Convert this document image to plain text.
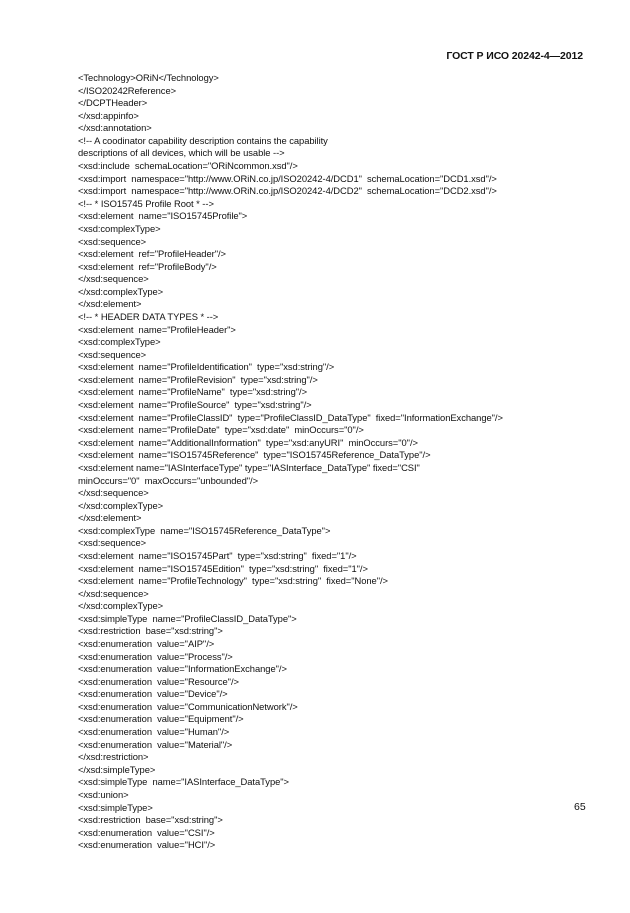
ГОСТ Р ИСО 20242-4—2012
<Technology>ORiN</Technology>
</ISO20242Reference>
</DCPTHeader>
</xsd:appinfo>
</xsd:annotation>
<!-- A coodinator capability description contains the capability
descriptions of all devices, which will be usable -->
<xsd:include  schemaLocation="ORiNcommon.xsd"/>
<xsd:import  namespace="http://www.ORiN.co.jp/ISO20242-4/DCD1"  schemaLocation="DCD1.xsd"/>
<xsd:import  namespace="http://www.ORiN.co.jp/ISO20242-4/DCD2"  schemaLocation="DCD2.xsd"/>
<!-- * ISO15745 Profile Root * -->
<xsd:element  name="ISO15745Profile">
<xsd:complexType>
<xsd:sequence>
<xsd:element  ref="ProfileHeader"/>
<xsd:element  ref="ProfileBody"/>
</xsd:sequence>
</xsd:complexType>
</xsd:element>
<!-- * HEADER DATA TYPES * -->
<xsd:element  name="ProfileHeader">
<xsd:complexType>
<xsd:sequence>
<xsd:element  name="ProfileIdentification"  type="xsd:string"/>
<xsd:element  name="ProfileRevision"  type="xsd:string"/>
<xsd:element  name="ProfileName"  type="xsd:string"/>
<xsd:element  name="ProfileSource"  type="xsd:string"/>
<xsd:element  name="ProfileClassID"  type="ProfileClassID_DataType"  fixed="InformationExchange"/>
<xsd:element  name="ProfileDate"  type="xsd:date"  minOccurs="0"/>
<xsd:element  name="AdditionalInformation"  type="xsd:anyURI"  minOccurs="0"/>
<xsd:element  name="ISO15745Reference"  type="ISO15745Reference_DataType"/>
<xsd:element name="IASInterfaceType" type="IASInterface_DataType" fixed="CSI"
minOccurs="0"  maxOccurs="unbounded"/>
</xsd:sequence>
</xsd:complexType>
</xsd:element>
<xsd:complexType  name="ISO15745Reference_DataType">
<xsd:sequence>
<xsd:element  name="ISO15745Part"  type="xsd:string"  fixed="1"/>
<xsd:element  name="ISO15745Edition"  type="xsd:string"  fixed="1"/>
<xsd:element  name="ProfileTechnology"  type="xsd:string"  fixed="None"/>
</xsd:sequence>
</xsd:complexType>
<xsd:simpleType  name="ProfileClassID_DataType">
<xsd:restriction  base="xsd:string">
<xsd:enumeration  value="AIP"/>
<xsd:enumeration  value="Process"/>
<xsd:enumeration  value="InformationExchange"/>
<xsd:enumeration  value="Resource"/>
<xsd:enumeration  value="Device"/>
<xsd:enumeration  value="CommunicationNetwork"/>
<xsd:enumeration  value="Equipment"/>
<xsd:enumeration  value="Human"/>
<xsd:enumeration  value="Material"/>
</xsd:restriction>
</xsd:simpleType>
<xsd:simpleType  name="IASInterface_DataType">
<xsd:union>
<xsd:simpleType>
<xsd:restriction  base="xsd:string">
<xsd:enumeration  value="CSI"/>
<xsd:enumeration  value="HCI"/>
65
